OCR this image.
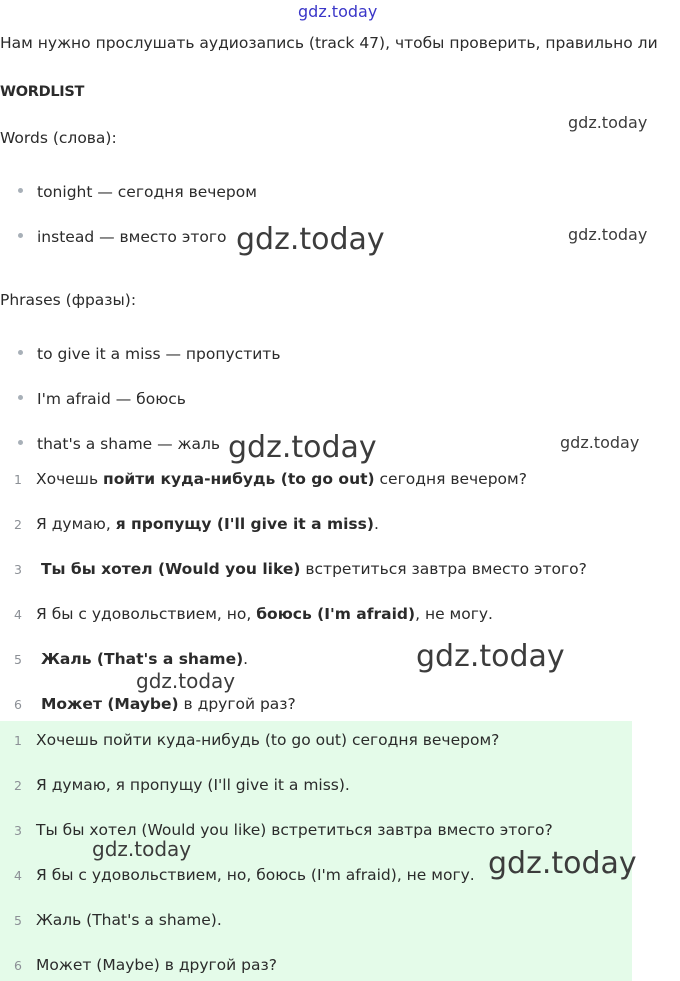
gdz.today
Нам нужно прослушать аудиозапись (track 47), чтобы проверить, правильно ли
WORDLIST
Words (слова):
tonight — сегодня вечером
instead — вместо этого
Phrases (фразы):
to give it a miss — пропустить
I'm afraid — боюсь
that's a shame — жаль
1 Хочешь пойти куда-нибудь (to go out) сегодня вечером?
2 Я думаю, я пропущу (I'll give it a miss).
3 Ты бы хотел (Would you like) встретиться завтра вместо этого?
4 Я бы с удовольствием, но, боюсь (I'm afraid), не могу.
5 Жаль (That's a shame).
6 Может (Maybe) в другой раз?
1 Хочешь пойти куда-нибудь (to go out) сегодня вечером?
2 Я думаю, я пропущу (I'll give it a miss).
3 Ты бы хотел (Would you like) встретиться завтра вместо этого?
4 Я бы с удовольствием, но, боюсь (I'm afraid), не могу.
5 Жаль (That's a shame).
6 Может (Maybe) в другой раз?
gdz.today
gdz.today
gdz.today
gdz.today	gdz.today
gdz.today
gdz.today
gdz.today	gdz.today
